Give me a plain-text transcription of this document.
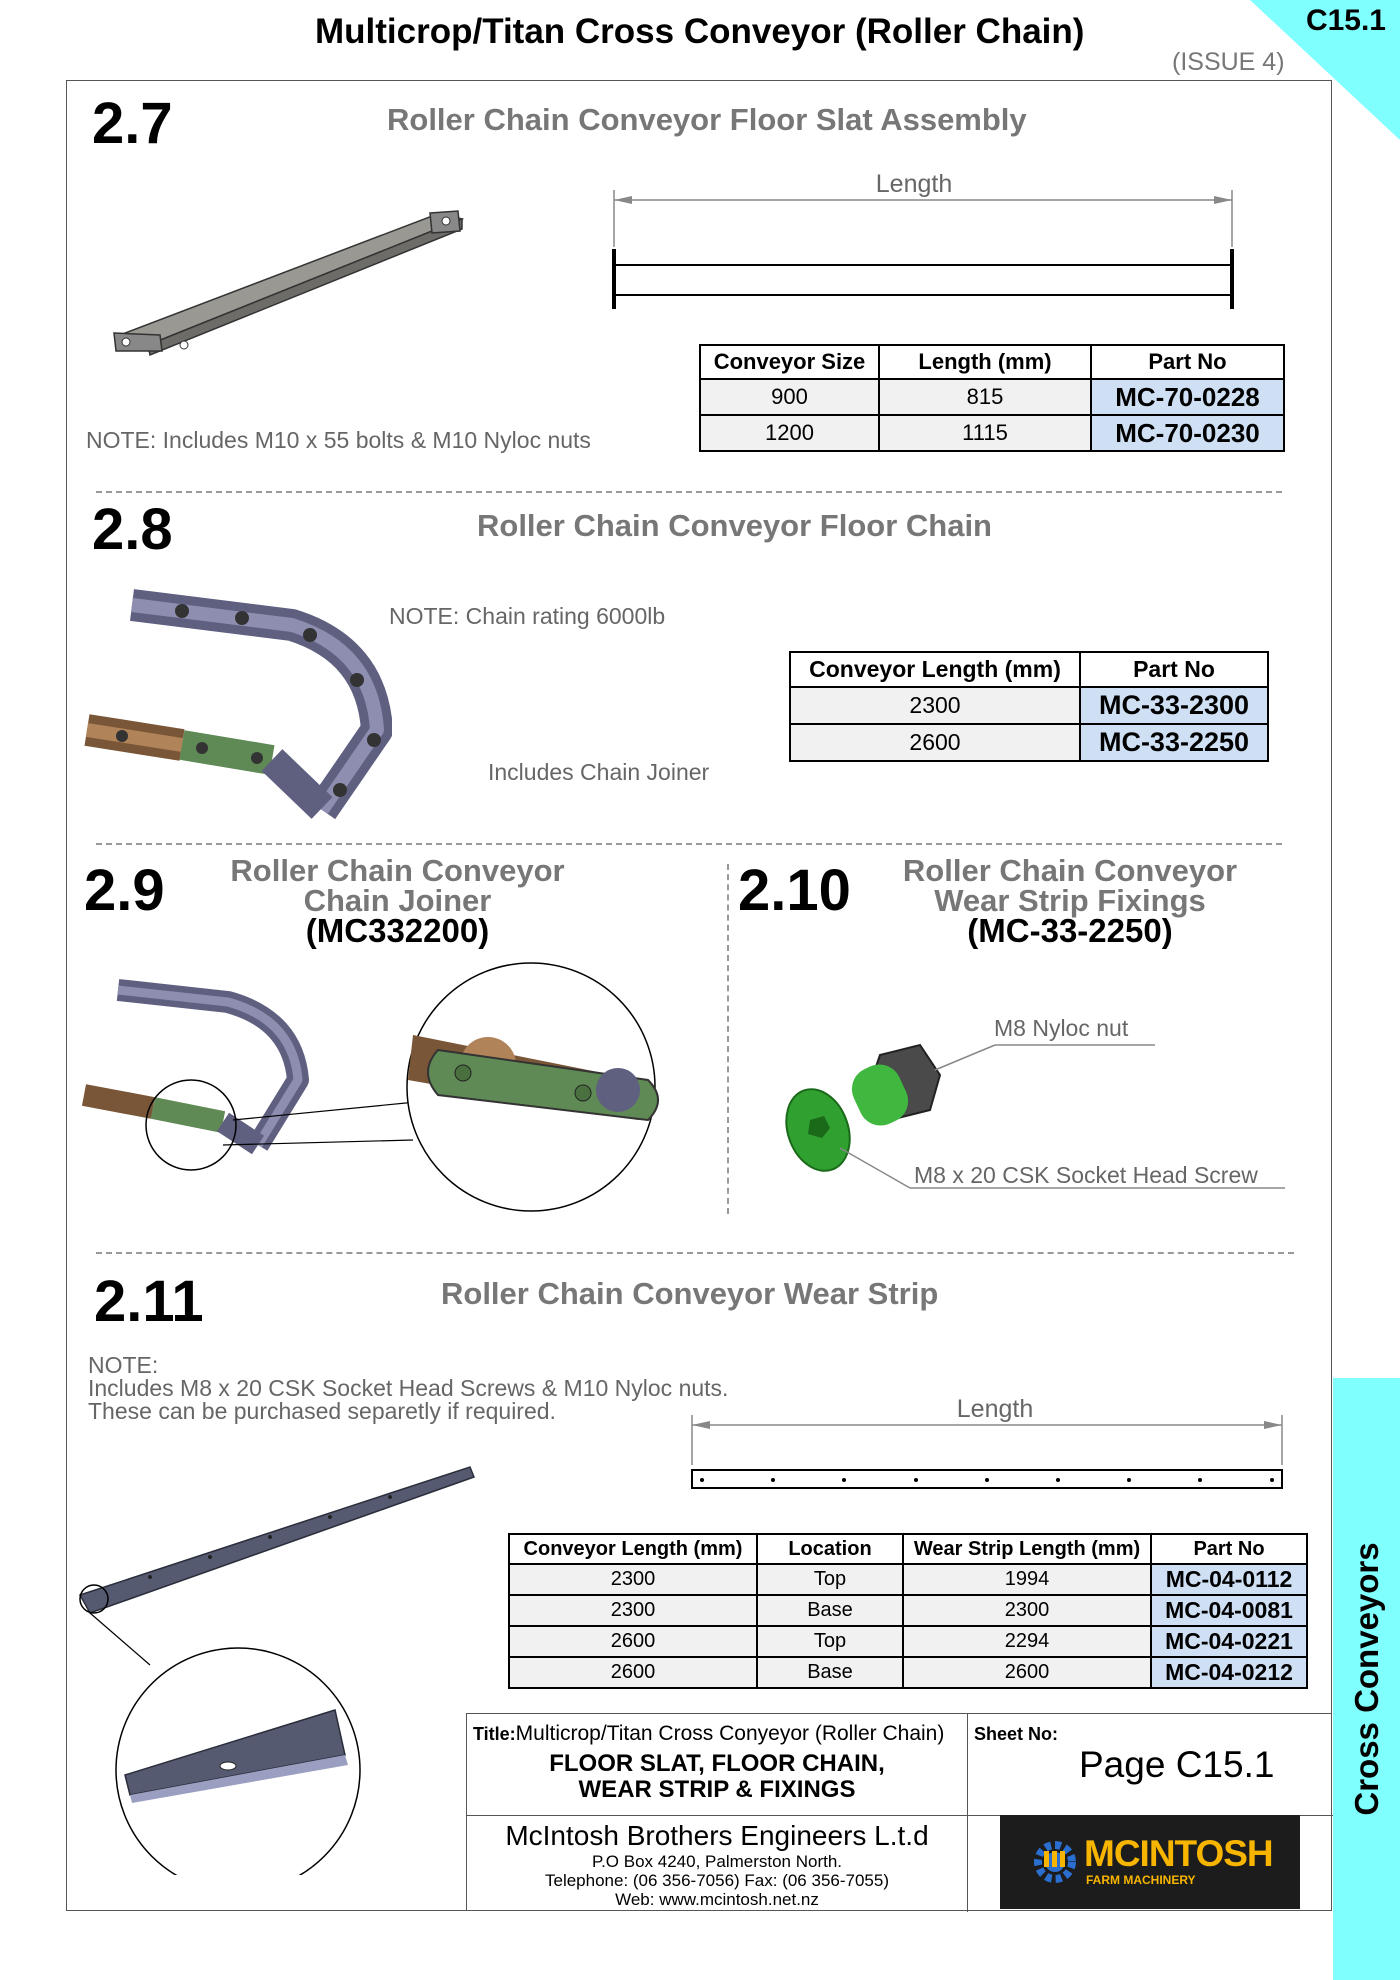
Multicrop/Titan Cross Conveyor (Roller Chain)
(ISSUE 4)
C15.1
Cross Conveyors
2.7	Roller Chain Conveyor Floor Slat Assembly
Length
Conveyor Size	Length (mm)	Part No
900	815	MC-70-0228
1200	1115	MC-70-0230
NOTE: Includes M10 x 55 bolts & M10 Nyloc nuts
2.8	Roller Chain Conveyor Floor Chain
NOTE: Chain rating 6000lb
Includes Chain Joiner
Conveyor Length (mm)	Part No
2300	MC-33-2300
2600	MC-33-2250
2.9 Roller Chain Conveyor
Chain Joiner
(MC332200)
2.10	Roller Chain Conveyor
Wear Strip Fixings
(MC-33-2250)
M8 Nyloc nut
M8 x 20 CSK Socket Head Screw
2.11	Roller Chain Conveyor Wear Strip
NOTE:
Includes M8 x 20 CSK Socket Head Screws & M10 Nyloc nuts.
These can be purchased separetly if required.	Length
Conveyor Length (mm)	Location	Wear Strip Length (mm)	Part No
2300	Top	1994	MC-04-0112
2300	Base	2300	MC-04-0081
2600	Top	2294	MC-04-0221
2600	Base	2600	MC-04-0212
Title:Multicrop/Titan Cross Conyeyor (Roller Chain)
FLOOR SLAT, FLOOR CHAIN,
WEAR STRIP & FIXINGS
Sheet No:
Page C15.1
McIntosh Brothers Engineers L.t.d
P.O Box 4240, Palmerston North.
Telephone: (06 356-7056) Fax: (06 356-7055)
Web: www.mcintosh.net.nz
MCINTOSH
FARM MACHINERY
